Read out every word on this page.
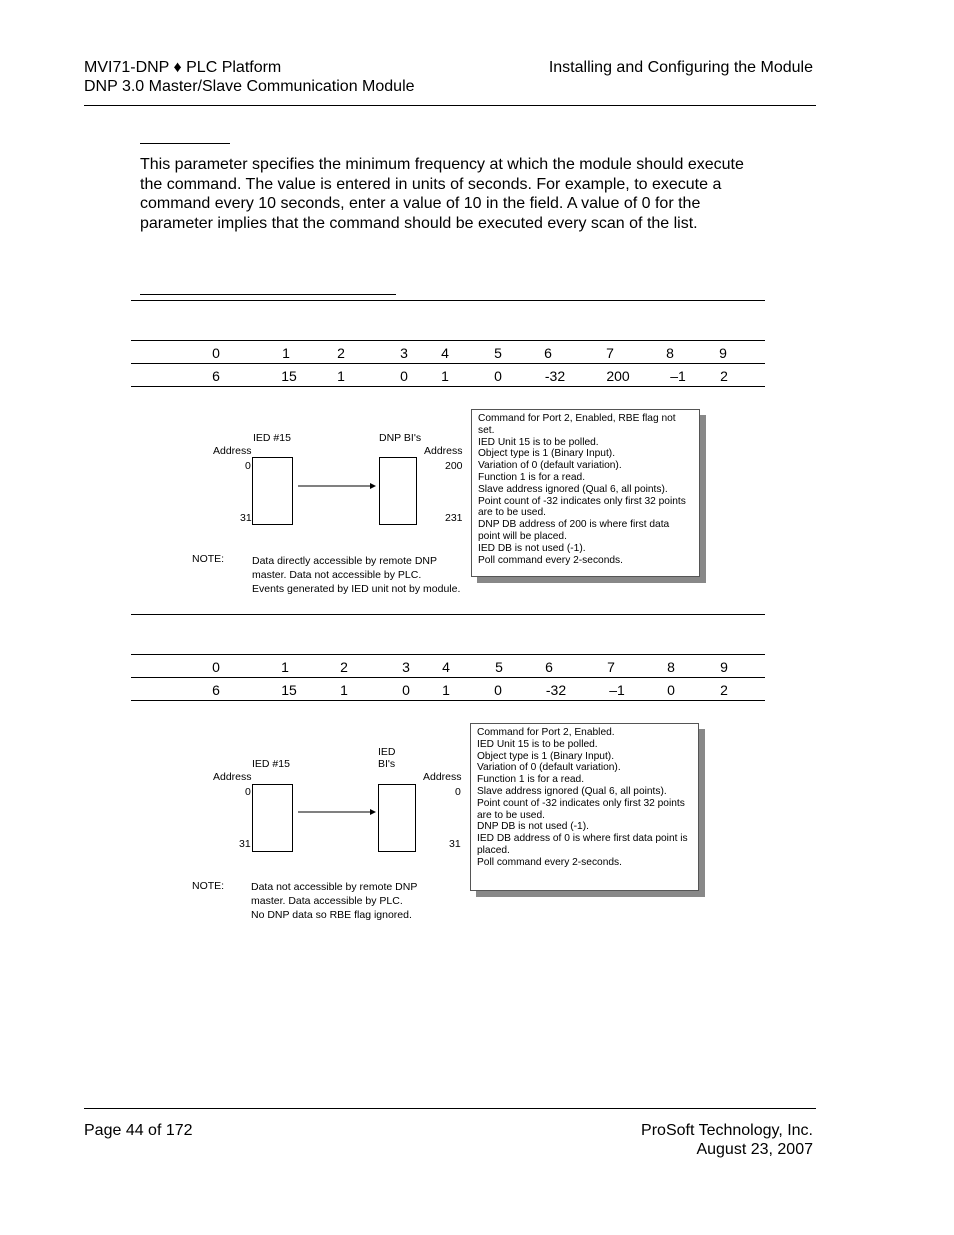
MVI71-DNP ♦ PLC Platform
DNP 3.0 Master/Slave Communication Module
Installing and Configuring the Module
This parameter specifies the minimum frequency at which the module should execute the command. The value is entered in units of seconds. For example, to execute a command every 10 seconds, enter a value of 10 in the field. A value of 0 for the parameter implies that the command should be executed every scan of the list.
0	1	2	3	4	5	6	7	8	9
6	15	1	0	1	0	-32	200	–1	2
IED #15
Address
0
31
DNP BI's
Address
200
231
NOTE:	Data directly accessible by remote DNP
master. Data not accessible by PLC.
Events generated by IED unit not by module.
Command for Port 2, Enabled, RBE flag not
set.
IED Unit 15 is to be polled.
Object type is 1 (Binary Input).
Variation of 0 (default variation).
Function 1 is for a read.
Slave address ignored (Qual 6, all points).
Point count of -32 indicates only first 32 points
are to be used.
DNP DB address of 200 is where first data
point will be placed.
IED DB is not used (-1).
Poll command every 2-seconds.
0	1	2	3	4	5	6	7	8	9
6	15	1	0	1	0	-32	–1	0	2
IED #15
Address
0
31
IED
BI's
Address
0
31
NOTE:	Data not accessible by remote DNP
master. Data accessible by PLC.
No DNP data so RBE flag ignored.
Command for Port 2, Enabled.
IED Unit 15 is to be polled.
Object type is 1 (Binary Input).
Variation of 0 (default variation).
Function 1 is for a read.
Slave address ignored (Qual 6, all points).
Point count of -32 indicates only first 32 points
are to be used.
DNP DB is not used (-1).
IED DB address of 0 is where first data point is
placed.
Poll command every 2-seconds.
Page 44 of 172	ProSoft Technology, Inc.
August 23, 2007
